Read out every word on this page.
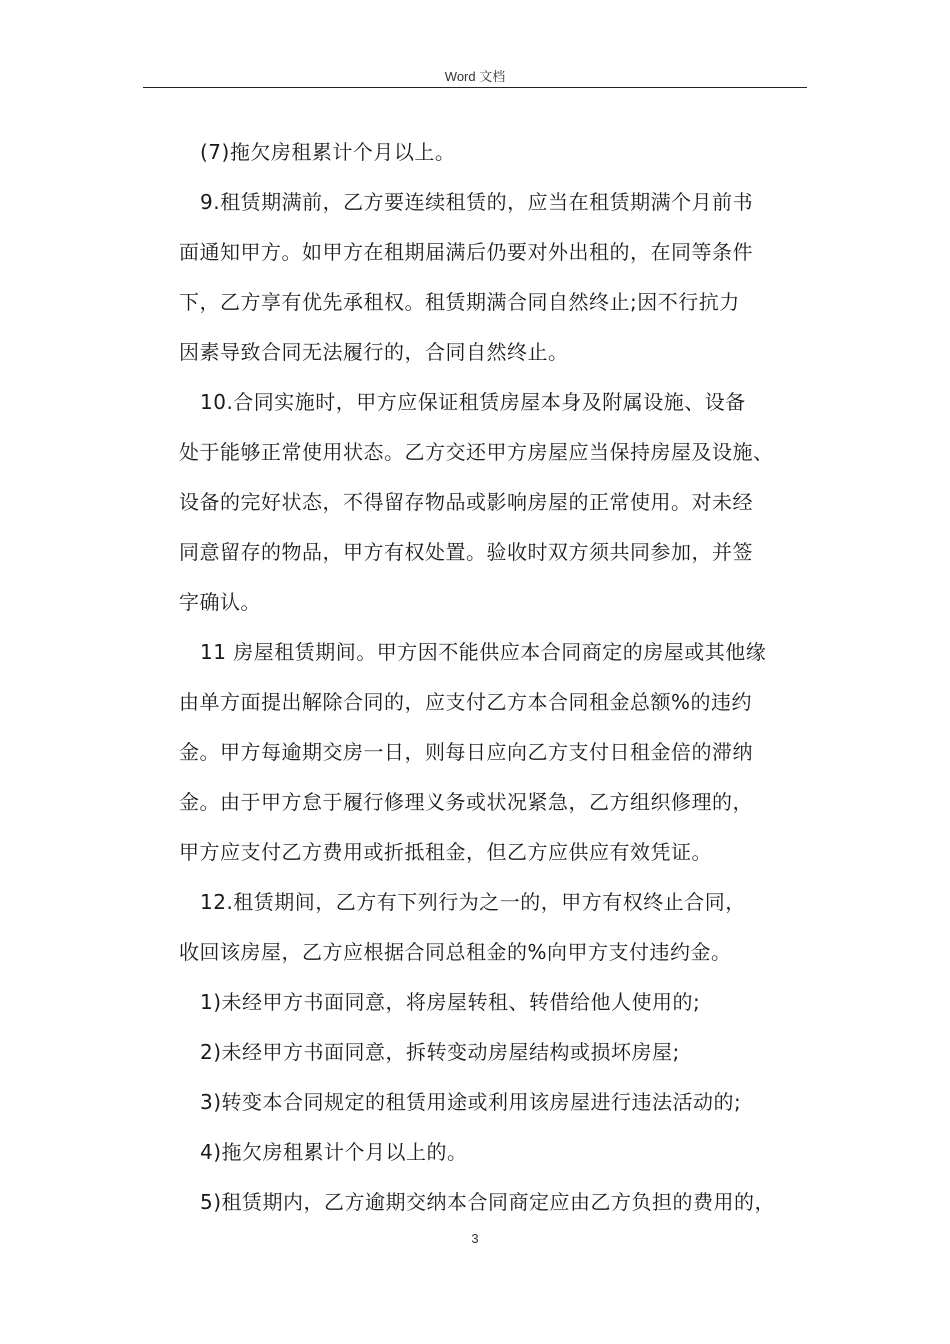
Word 文档
(7)拖欠房租累计个月以上。
9.租赁期满前，乙方要连续租赁的，应当在租赁期满个月前书
面通知甲方。如甲方在租期届满后仍要对外出租的，在同等条件
下，乙方享有优先承租权。租赁期满合同自然终止;因不行抗力
因素导致合同无法履行的，合同自然终止。
10.合同实施时，甲方应保证租赁房屋本身及附属设施、设备
处于能够正常使用状态。乙方交还甲方房屋应当保持房屋及设施、
设备的完好状态，不得留存物品或影响房屋的正常使用。对未经
同意留存的物品，甲方有权处置。验收时双方须共同参加，并签
字确认。
11 房屋租赁期间。甲方因不能供应本合同商定的房屋或其他缘
由单方面提出解除合同的，应支付乙方本合同租金总额%的违约
金。甲方每逾期交房一日，则每日应向乙方支付日租金倍的滞纳
金。由于甲方怠于履行修理义务或状况紧急，乙方组织修理的，
甲方应支付乙方费用或折抵租金，但乙方应供应有效凭证。
12.租赁期间，乙方有下列行为之一的，甲方有权终止合同，
收回该房屋，乙方应根据合同总租金的%向甲方支付违约金。
1)未经甲方书面同意，将房屋转租、转借给他人使用的;
2)未经甲方书面同意，拆转变动房屋结构或损坏房屋;
3)转变本合同规定的租赁用途或利用该房屋进行违法活动的;
4)拖欠房租累计个月以上的。
5)租赁期内，乙方逾期交纳本合同商定应由乙方负担的费用的，
3
